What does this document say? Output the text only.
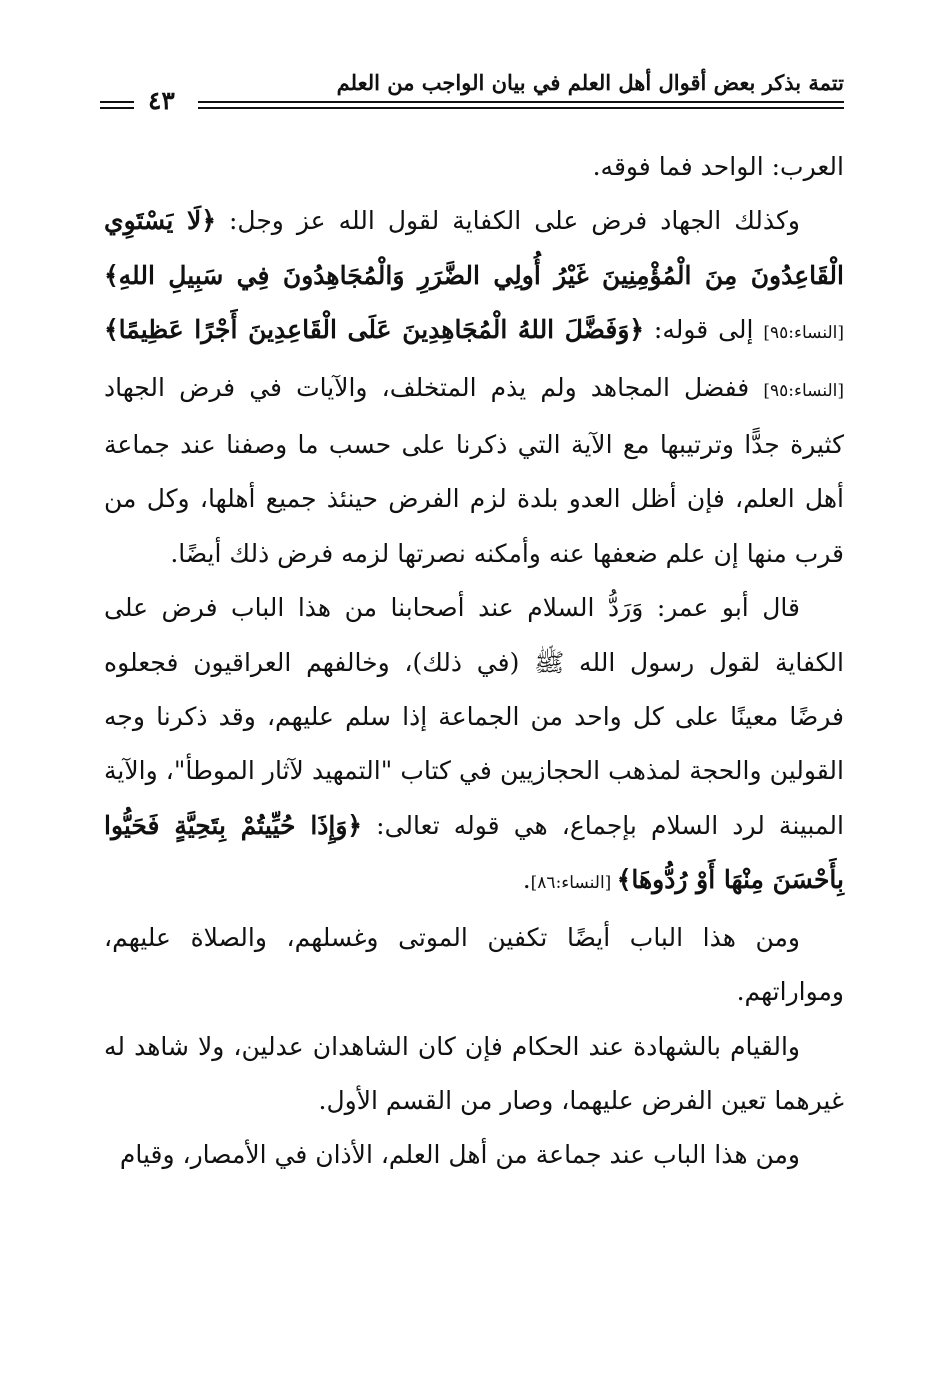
تتمة بذكر بعض أقوال أهل العلم في بيان الواجب من العلم
٤٣

العرب: الواحد فما فوقه.

وكذلك الجهاد فرض على الكفاية لقول الله عز وجل: ﴿لَا يَسْتَوِي الْقَاعِدُونَ مِنَ الْمُؤْمِنِينَ غَيْرُ أُولِي الضَّرَرِ وَالْمُجَاهِدُونَ فِي سَبِيلِ اللهِ﴾[النساء:٩٥] إلى قوله: ﴿وَفَضَّلَ اللهُ الْمُجَاهِدِينَ عَلَى الْقَاعِدِينَ أَجْرًا عَظِيمًا﴾[النساء:٩٥] ففضل المجاهد ولم يذم المتخلف، والآيات في فرض الجهاد كثيرة جدًّا وترتيبها مع الآية التي ذكرنا على حسب ما وصفنا عند جماعة أهل العلم، فإن أظل العدو بلدة لزم الفرض حينئذ جميع أهلها، وكل من قرب منها إن علم ضعفها عنه وأمكنه نصرتها لزمه فرض ذلك أيضًا.

قال أبو عمر: وَرَدُّ السلام عند أصحابنا من هذا الباب فرض على الكفاية لقول رسول الله ﷺ (في ذلك)، وخالفهم العراقيون فجعلوه فرضًا معينًا على كل واحد من الجماعة إذا سلم عليهم، وقد ذكرنا وجه القولين والحجة لمذهب الحجازيين في كتاب "التمهيد لآثار الموطأ"، والآية المبينة لرد السلام بإجماع، هي قوله تعالى: ﴿وَإِذَا حُيِّيتُمْ بِتَحِيَّةٍ فَحَيُّوا بِأَحْسَنَ مِنْهَا أَوْ رُدُّوهَا﴾ [النساء:٨٦].

ومن هذا الباب أيضًا تكفين الموتى وغسلهم، والصلاة عليهم، ومواراتهم.

والقيام بالشهادة عند الحكام فإن كان الشاهدان عدلين، ولا شاهد له غيرهما تعين الفرض عليهما، وصار من القسم الأول.

ومن هذا الباب عند جماعة من أهل العلم، الأذان في الأمصار، وقيام
